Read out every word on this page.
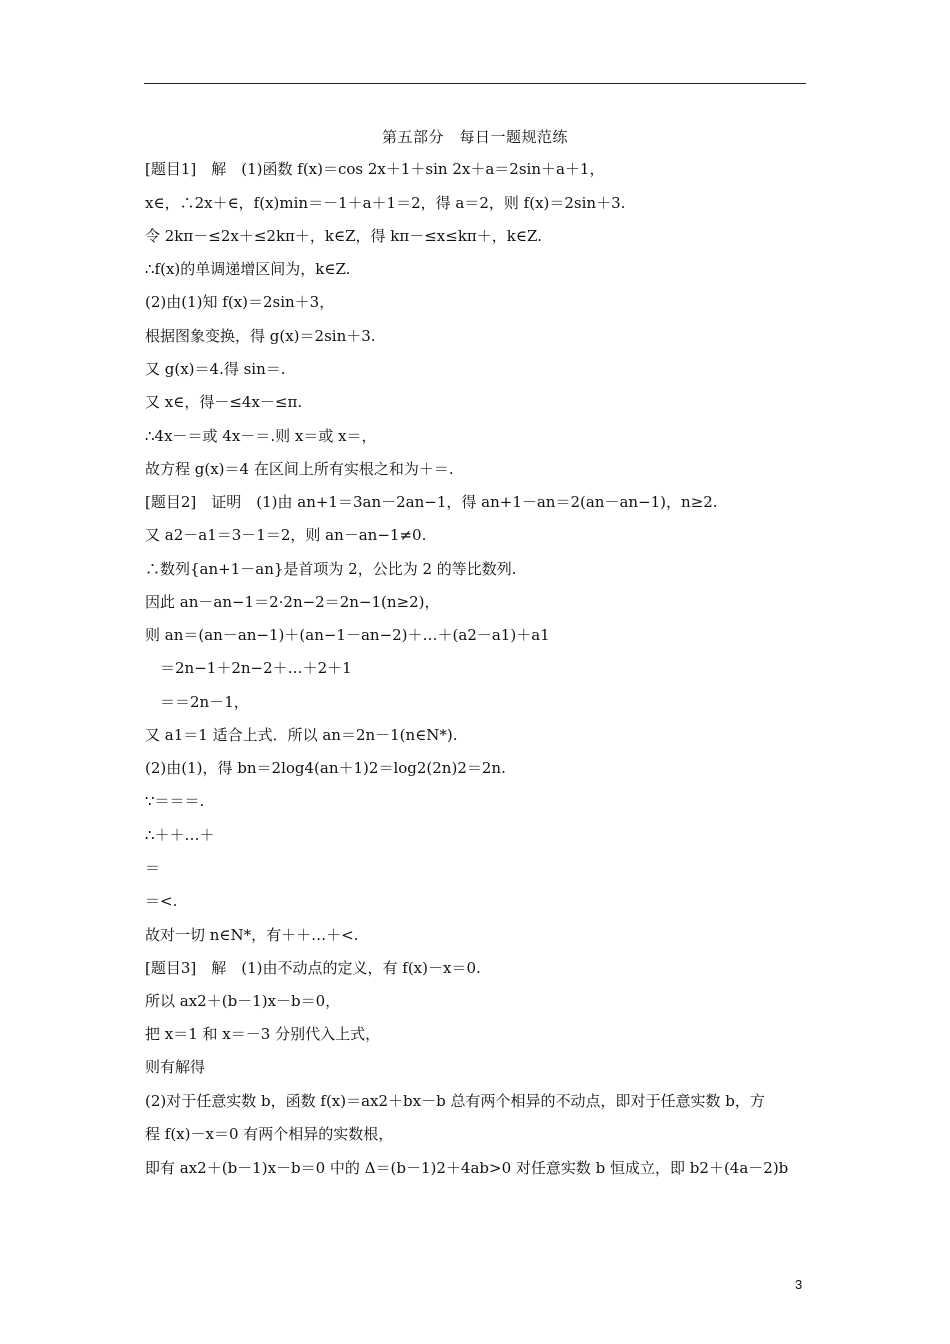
第五部分　每日一题规范练
[题目1]　解　(1)函数 f(x)＝cos 2x＋1＋sin 2x＋a＝2sin＋a＋1，
x∈，∴2x＋∈，f(x)min＝－1＋a＋1＝2，得 a＝2，则 f(x)＝2sin＋3.
令 2kπ－≤2x＋≤2kπ＋，k∈Z，得 kπ－≤x≤kπ＋，k∈Z.
∴f(x)的单调递增区间为，k∈Z.
(2)由(1)知 f(x)＝2sin＋3，
根据图象变换，得 g(x)＝2sin＋3.
又 g(x)＝4.得 sin＝.
又 x∈，得－≤4x－≤π.
∴4x－＝或 4x－＝.则 x＝或 x＝，
故方程 g(x)＝4 在区间上所有实根之和为＋＝.
[题目2]　证明　(1)由 an+1＝3an－2an−1，得 an+1－an＝2(an－an−1)，n≥2.
又 a2－a1＝3－1＝2，则 an－an−1≠0.
∴数列{an+1－an}是首项为 2，公比为 2 的等比数列.
因此 an－an−1＝2·2n−2＝2n−1(n≥2)，
则 an＝(an－an−1)＋(an−1－an−2)＋…＋(a2－a1)＋a1
　＝2n−1＋2n−2＋…＋2＋1
　＝＝2n－1，
又 a1＝1 适合上式．所以 an＝2n－1(n∈N*).
(2)由(1)，得 bn＝2log4(an＋1)2＝log2(2n)2＝2n.
∵＝＝＝.
∴＋＋…＋
＝
＝<.
故对一切 n∈N*，有＋＋…＋<.
[题目3]　解　(1)由不动点的定义，有 f(x)－x＝0.
所以 ax2＋(b－1)x－b＝0，
把 x＝1 和 x＝－3 分别代入上式，
则有解得
(2)对于任意实数 b，函数 f(x)＝ax2＋bx－b 总有两个相异的不动点，即对于任意实数 b，方
程 f(x)－x＝0 有两个相异的实数根，
即有 ax2＋(b－1)x－b＝0 中的 Δ＝(b－1)2＋4ab>0 对任意实数 b 恒成立，即 b2＋(4a－2)b
3
